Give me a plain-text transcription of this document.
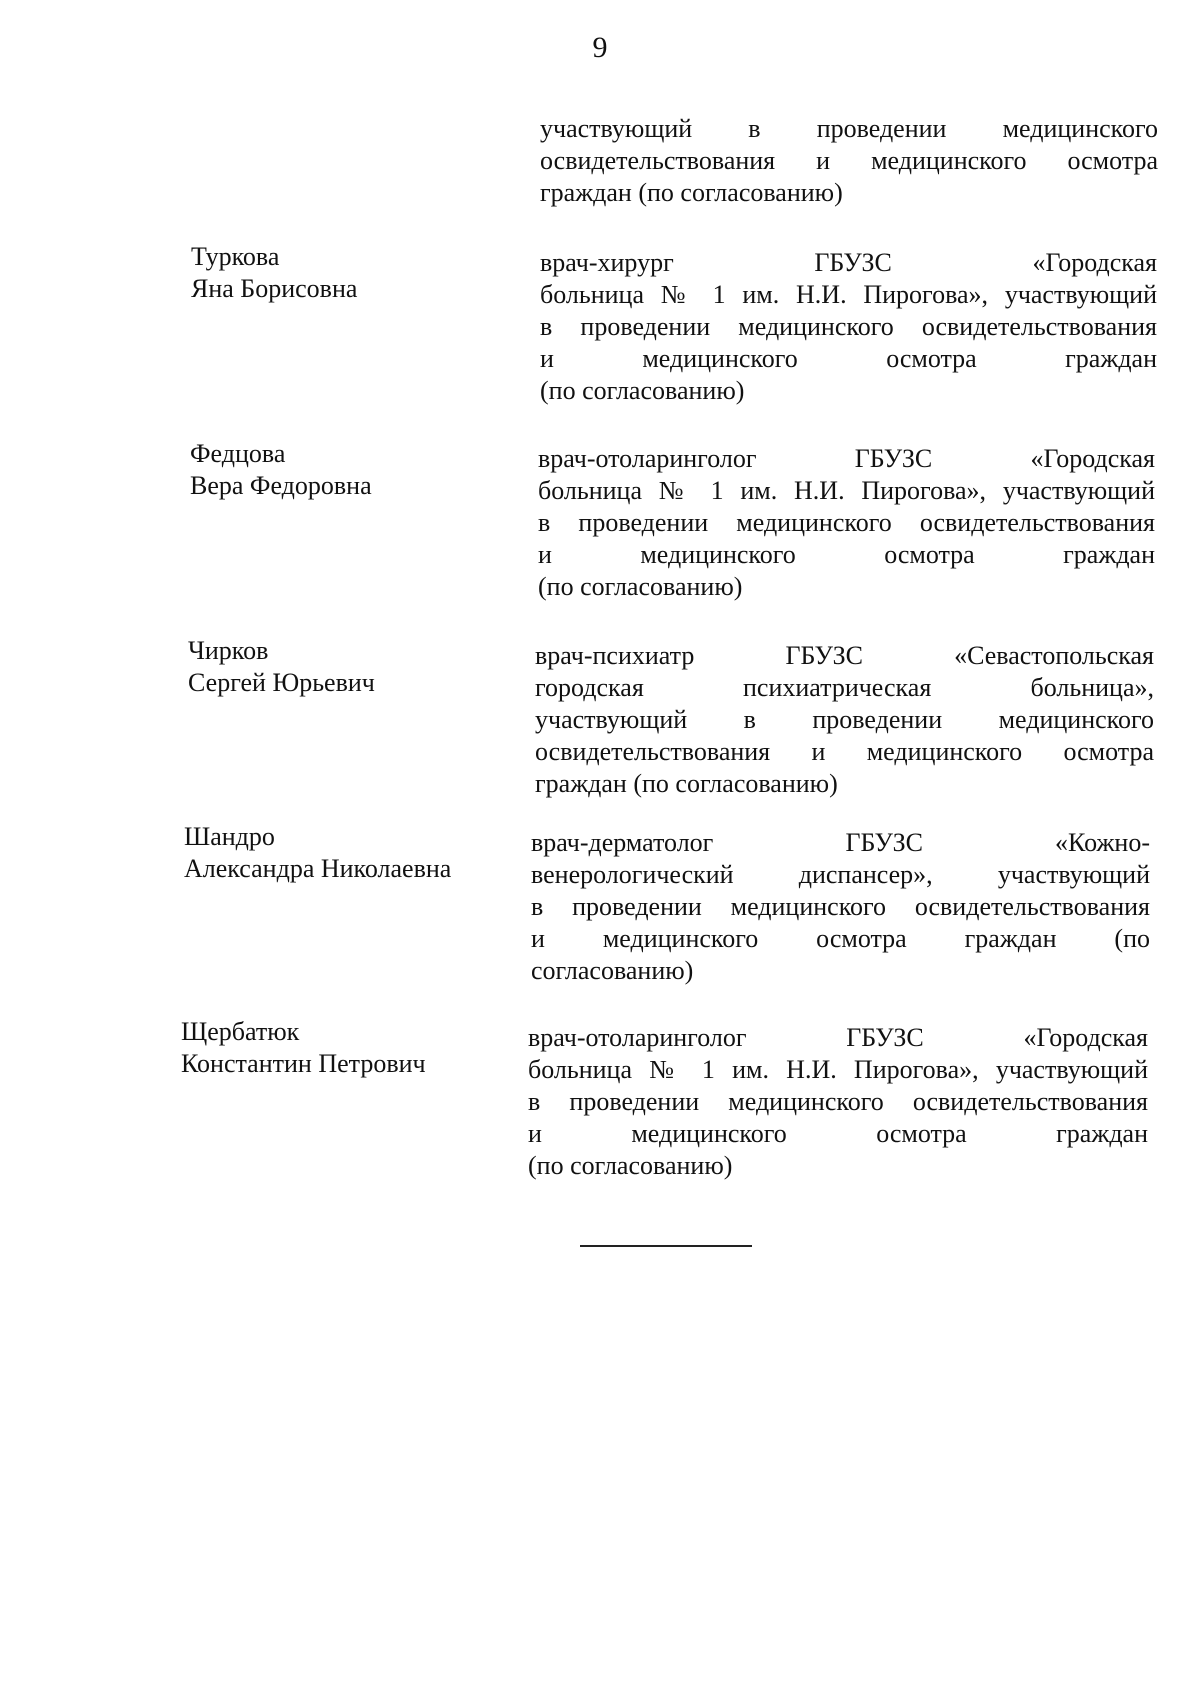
9
участвующий в проведении медицинского
освидетельствования и медицинского осмотра
граждан (по согласованию)
Туркова
Яна Борисовна
врач-хирург ГБУЗС «Городская
больница № 1 им. Н.И. Пирогова», участвующий
в проведении медицинского освидетельствования
и медицинского осмотра граждан
(по согласованию)
Федцова
Вера Федоровна
врач-отоларинголог ГБУЗС «Городская
больница № 1 им. Н.И. Пирогова», участвующий
в проведении медицинского освидетельствования
и медицинского осмотра граждан
(по согласованию)
Чирков
Сергей Юрьевич
врач-психиатр ГБУЗС «Севастопольская
городская психиатрическая больница»,
участвующий в проведении медицинского
освидетельствования и медицинского осмотра
граждан (по согласованию)
Шандро
Александра Николаевна
врач-дерматолог ГБУЗС «Кожно-
венерологический диспансер», участвующий
в проведении медицинского освидетельствования
и медицинского осмотра граждан (по
согласованию)
Щербатюк
Константин Петрович
врач-отоларинголог ГБУЗС «Городская
больница № 1 им. Н.И. Пирогова», участвующий
в проведении медицинского освидетельствования
и медицинского осмотра граждан
(по согласованию)
